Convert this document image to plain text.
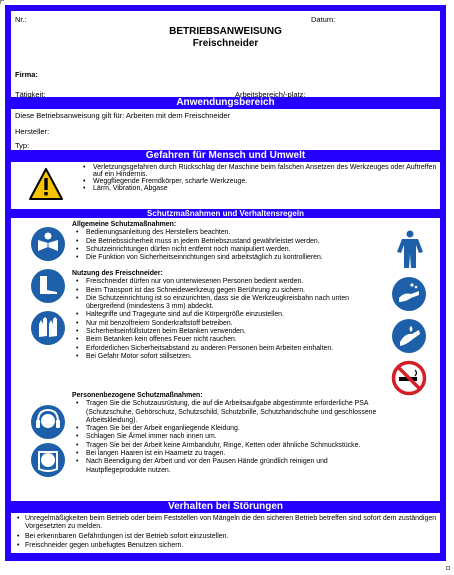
Nr.:	Datum:
BETRIEBSANWEISUNG
Freischneider
Firma:
Tätigkeit:	Arbeitsbereich/-platz:
Anwendungsbereich
Diese Betriebsanweisung gilt für: Arbeiten mit dem Freischneider
Hersteller:
Typ:
Gefahren für Mensch und Umwelt
• Verletzungsgefahren durch Rückschlag der Maschine beim falschen Ansetzen des Werkzeuges oder Auftreffen auf ein Hindernis.
• Weggfliegende Fremdkörper, scharfe Werkzeuge.
• Lärm, Vibration, Abgase
Schutzmaßnahmen und Verhaltensregeln
Allgemeine Schutzmaßnahmen:
• Bedienungsanleitung des Herstellers beachten.
• Die Betriebssicherheit muss in jedem Betriebszustand gewährleistet werden.
• Schutzeinrichtungen dürfen nicht entfernt noch manipuliert werden.
• Die Funktion von Sicherheitseinrichtungen sind arbeitstäglich zu kontrollieren.
Nutzung des Freischneider:
• Freischneider dürfen nur von unterwiesenen Personen bedient werden.
• Beim Transport ist das Schneidewerkzeug gegen Berührung zu sichern.
• Die Schutzeinrichtung ist so einzurichten, dass sie die Werkzeugkreisbahn nach unten übergreifend (mindestens 3 mm) abdeckt.
• Haltegriffe und Tragegurte sind auf die Körpergröße einzustellen.
• Nur mit benzolfreiem Sonderkraftstoff betreiben.
• Sicherheitseinfüllstutzen beim Betanken verwenden.
• Beim Betanken kein offenes Feuer nicht rauchen.
• Erforderlichen Sicherheitsabstand zu anderen Personen beim Arbeiten einhalten.
• Bei Gefahr Motor sofort stillsetzen.
Personenbezogene Schutzmaßnahmen:
• Tragen Sie die Schutzausrüstung, die auf die Arbeitsaufgabe abgestimmte erforderliche PSA (Schutzschuhe, Gehörschutz, Schutzschild, Schutzbrille, Schutzhandschuhe und geschlossene Arbeitskleidung).
• Tragen Sie bei der Arbeit enganliegende Kleidung.
• Schlagen Sie Ärmel immer nach innen um.
• Tragen Sie bei der Arbeit keine Armbanduhr, Ringe, Ketten oder ähnliche Schmuckstücke.
• Bei langen Haaren ist ein Haarnetz zu tragen.
• Nach Beendigung der Arbeit und vor den Pausen Hände gründlich reinigen und Hautpflegeprodukte nutzen.
Verhalten bei Störungen
• Unregelmäßigkeiten beim Betrieb oder beim Feststellen von Mängeln die den sicheren Betrieb betreffen sind sofort dem zuständigen Vorgesetzten zu melden.
• Bei erkennbaren Gefährdungen ist der Betrieb sofort einzustellen.
• Freischneider gegen unbefugtes Benutzen sichern.
